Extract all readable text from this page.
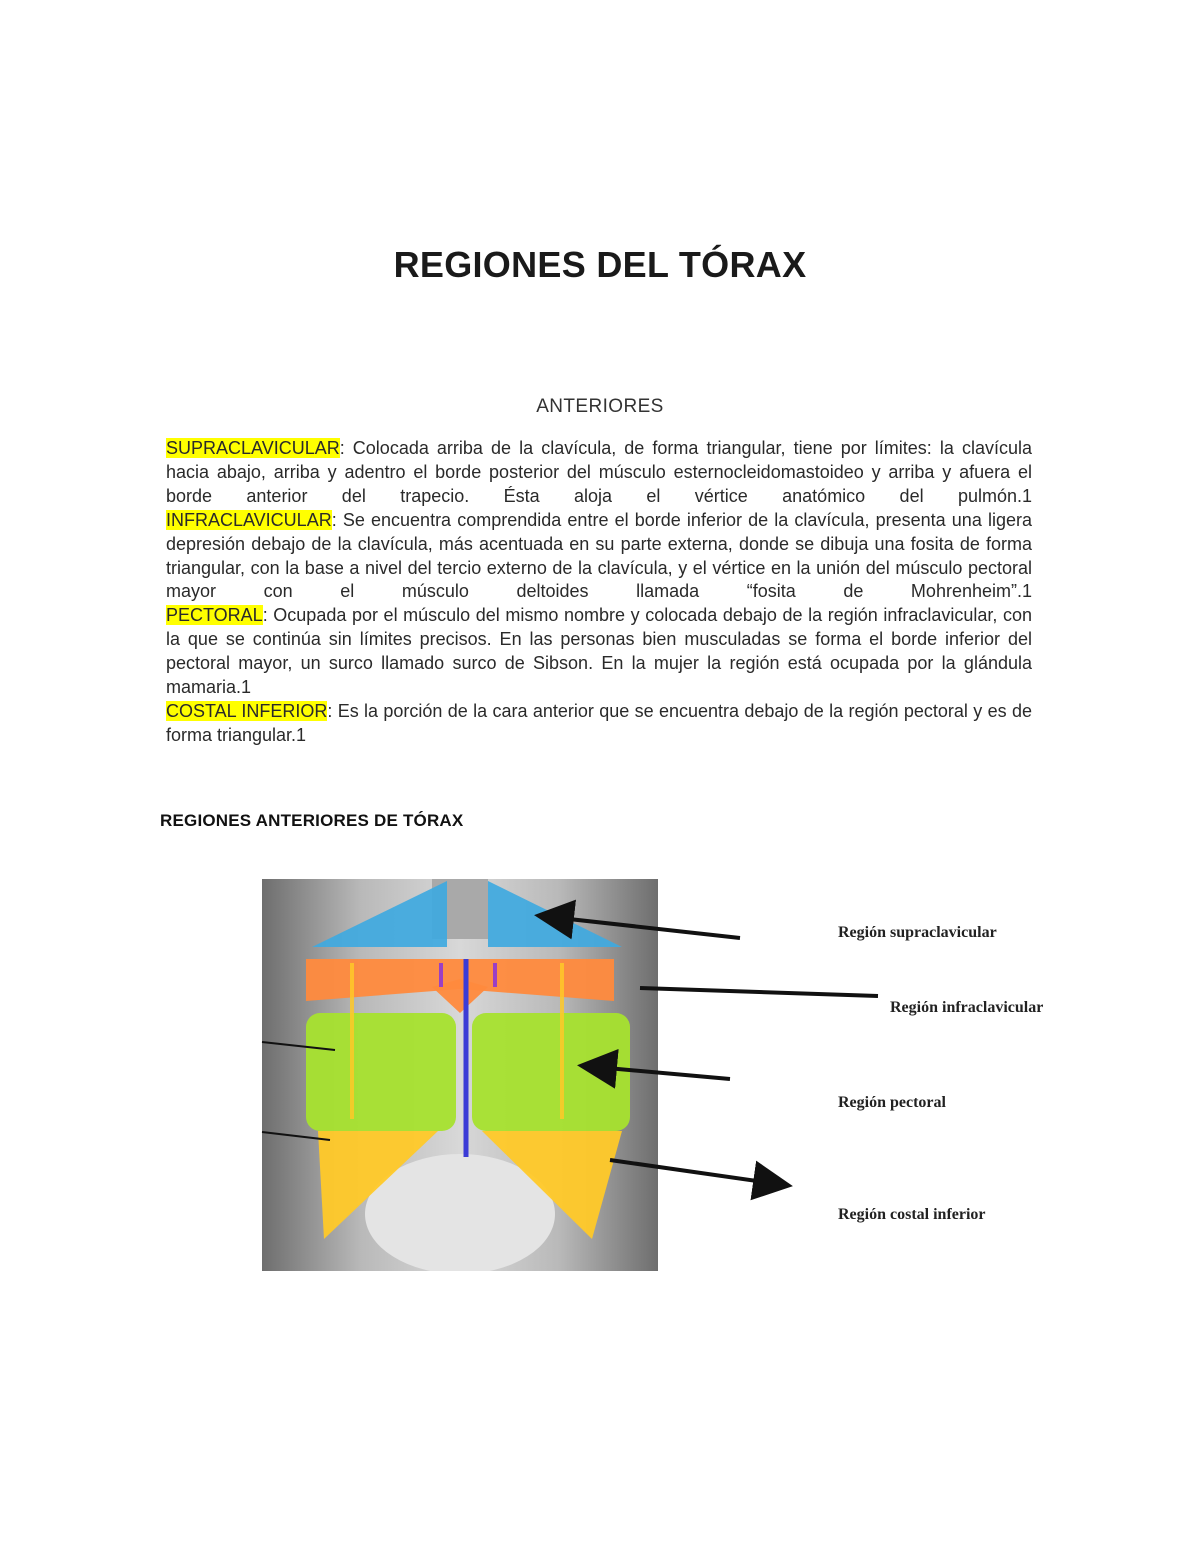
REGIONES DEL TÓRAX

ANTERIORES

SUPRACLAVICULAR: Colocada arriba de la clavícula, de forma triangular, tiene por límites: la clavícula hacia abajo, arriba y adentro el borde posterior del músculo esternocleidomastoideo y arriba y afuera el borde anterior del trapecio. Ésta aloja el vértice anatómico del pulmón.1

INFRACLAVICULAR: Se encuentra comprendida entre el borde inferior de la clavícula, presenta una ligera depresión debajo de la clavícula, más acentuada en su parte externa, donde se dibuja una fosita de forma triangular, con la base a nivel del tercio externo de la clavícula, y el vértice en la unión del músculo pectoral mayor con el músculo deltoides llamada “fosita de Mohrenheim”.1

PECTORAL: Ocupada por el músculo del mismo nombre y colocada debajo de la región infraclavicular, con la que se continúa sin límites precisos. En las personas bien musculadas se forma el borde inferior del pectoral mayor, un surco llamado surco de Sibson. En la mujer la región está ocupada por la glándula mamaria.1

COSTAL INFERIOR: Es la porción de la cara anterior que se encuentra debajo de la región pectoral y es de forma triangular.1

REGIONES ANTERIORES DE TÓRAX

Región supraclavicular
Región infraclavicular
Región pectoral
Región costal inferior
